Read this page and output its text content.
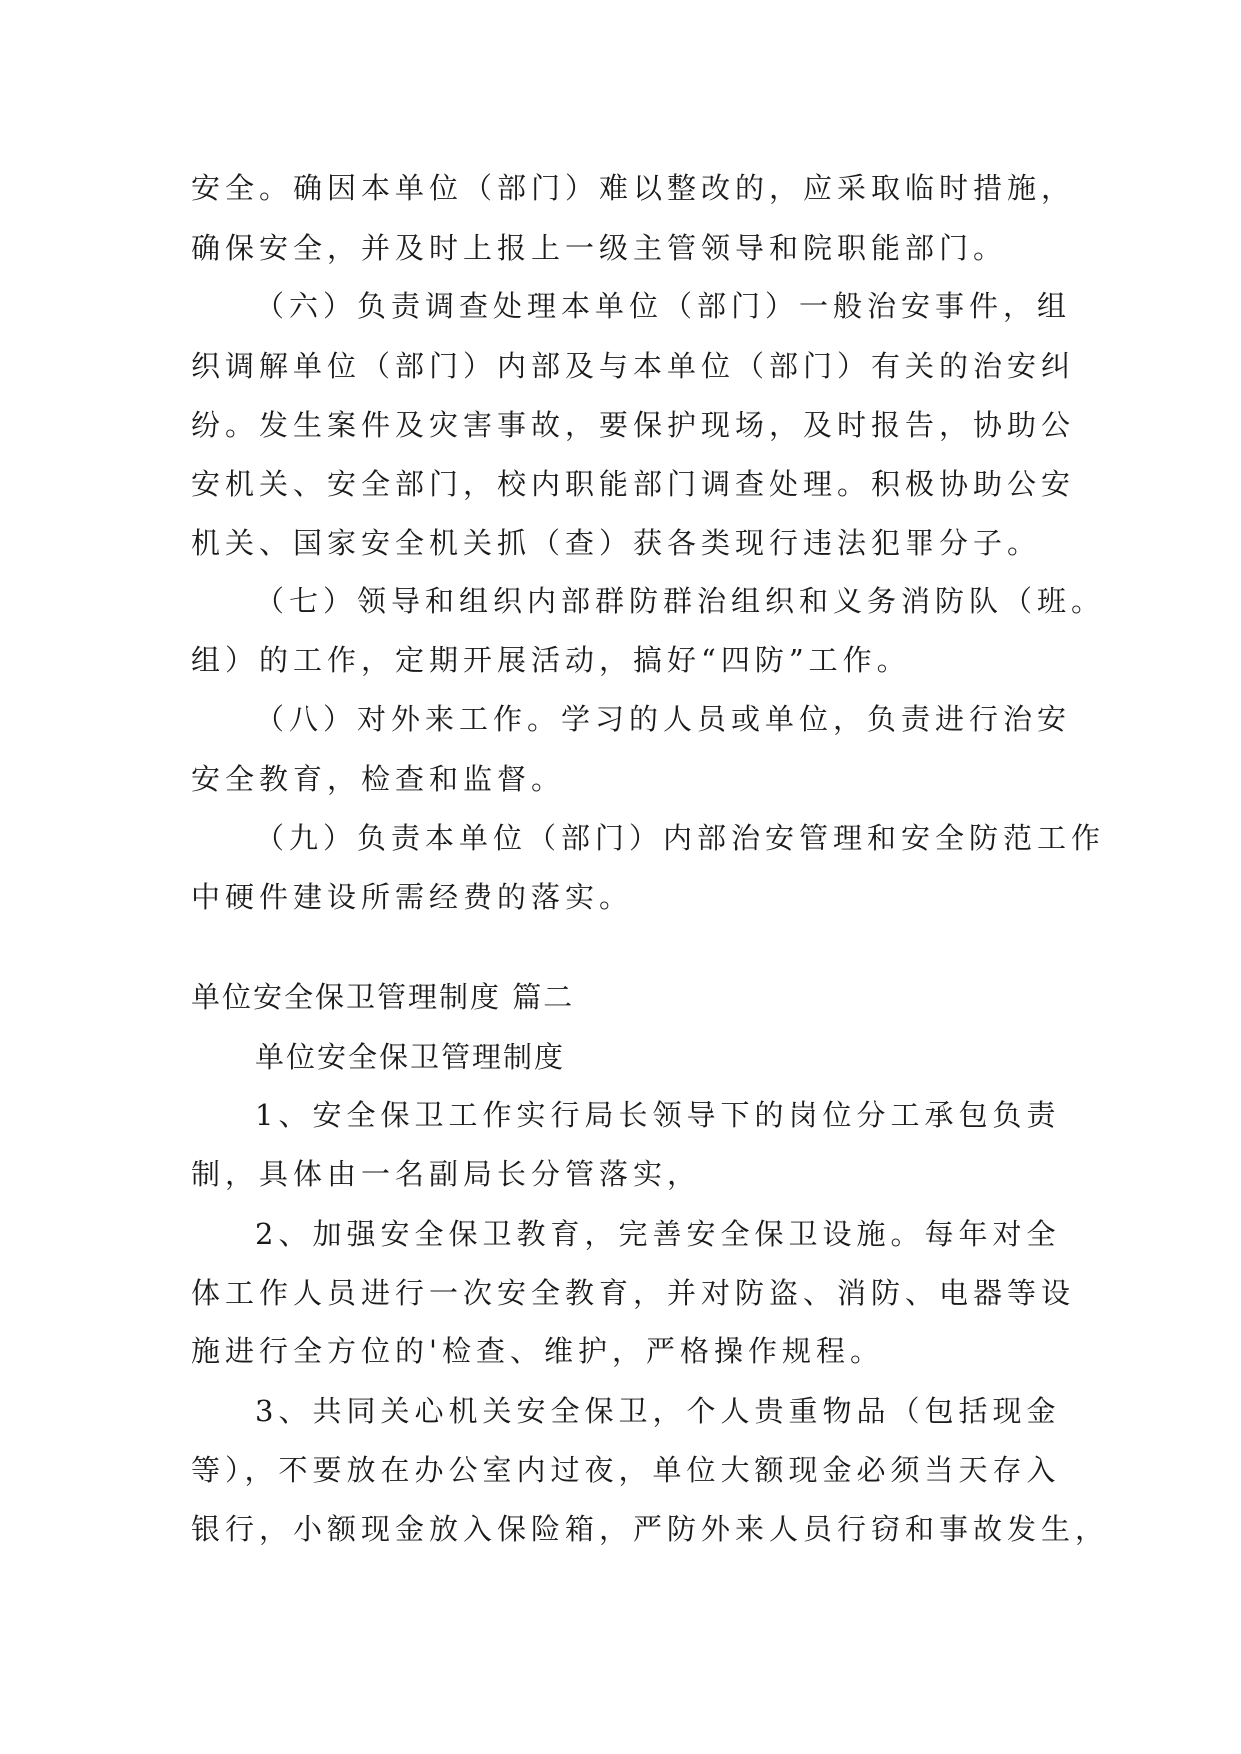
安全。确因本单位（部门）难以整改的，应采取临时措施，
确保安全，并及时上报上一级主管领导和院职能部门。
（六）负责调查处理本单位（部门）一般治安事件，组
织调解单位（部门）内部及与本单位（部门）有关的治安纠
纷。发生案件及灾害事故，要保护现场，及时报告，协助公
安机关、安全部门，校内职能部门调查处理。积极协助公安
机关、国家安全机关抓（查）获各类现行违法犯罪分子。
（七）领导和组织内部群防群治组织和义务消防队（班。
组）的工作，定期开展活动，搞好“四防”工作。
（八）对外来工作。学习的人员或单位，负责进行治安
安全教育，检查和监督。
（九）负责本单位（部门）内部治安管理和安全防范工作
中硬件建设所需经费的落实。
单位安全保卫管理制度 篇二
单位安全保卫管理制度
1、安全保卫工作实行局长领导下的岗位分工承包负责
制，具体由一名副局长分管落实，
2、加强安全保卫教育，完善安全保卫设施。每年对全
体工作人员进行一次安全教育，并对防盗、消防、电器等设
施进行全方位的'检查、维护，严格操作规程。
3、共同关心机关安全保卫，个人贵重物品（包括现金
等），不要放在办公室内过夜，单位大额现金必须当天存入
银行，小额现金放入保险箱，严防外来人员行窃和事故发生，
